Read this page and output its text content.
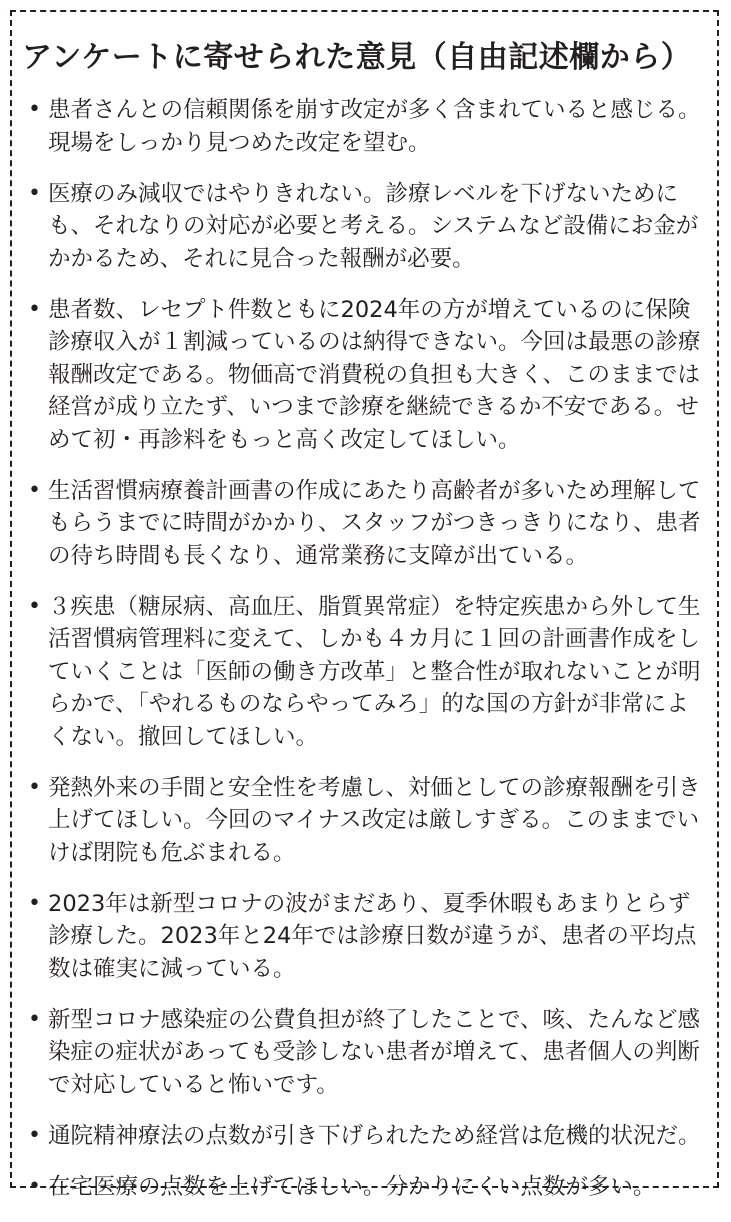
アンケートに寄せられた意見（自由記述欄から）
• 患者さんとの信頼関係を崩す改定が多く含まれていると感じる。現場をしっかり見つめた改定を望む。
• 医療のみ減収ではやりきれない。診療レベルを下げないためにも、それなりの対応が必要と考える。システムなど設備にお金がかかるため、それに見合った報酬が必要。
• 患者数、レセプト件数ともに2024年の方が増えているのに保険診療収入が１割減っているのは納得できない。今回は最悪の診療報酬改定である。物価高で消費税の負担も大きく、このままでは経営が成り立たず、いつまで診療を継続できるか不安である。せめて初・再診料をもっと高く改定してほしい。
• 生活習慣病療養計画書の作成にあたり高齢者が多いため理解してもらうまでに時間がかかり、スタッフがつきっきりになり、患者の待ち時間も長くなり、通常業務に支障が出ている。
• ３疾患（糖尿病、高血圧、脂質異常症）を特定疾患から外して生活習慣病管理料に変えて、しかも４カ月に１回の計画書作成をしていくことは「医師の働き方改革」と整合性が取れないことが明らかで、「やれるものならやってみろ」的な国の方針が非常によくない。撤回してほしい。
• 発熱外来の手間と安全性を考慮し、対価としての診療報酬を引き上げてほしい。今回のマイナス改定は厳しすぎる。このままでいけば閉院も危ぶまれる。
• 2023年は新型コロナの波がまだあり、夏季休暇もあまりとらず診療した。2023年と24年では診療日数が違うが、患者の平均点数は確実に減っている。
• 新型コロナ感染症の公費負担が終了したことで、咳、たんなど感染症の症状があっても受診しない患者が増えて、患者個人の判断で対応していると怖いです。
• 通院精神療法の点数が引き下げられたため経営は危機的状況だ。
• 在宅医療の点数を上げてほしい。分かりにくい点数が多い。
